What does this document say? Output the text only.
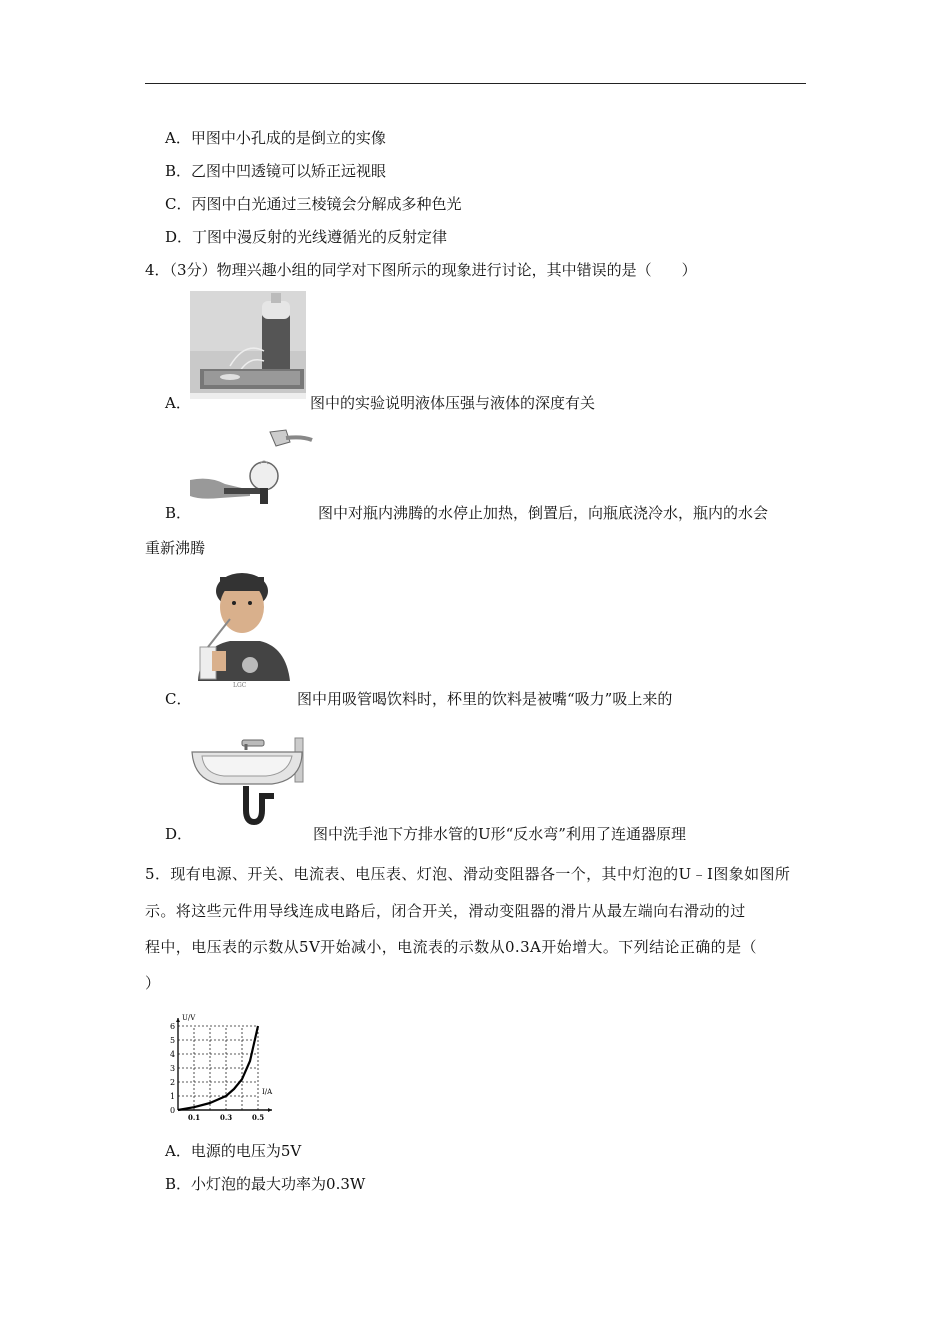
A．甲图中小孔成的是倒立的实像
B．乙图中凹透镜可以矫正远视眼
C．丙图中白光通过三棱镜会分解成多种色光
D．丁图中漫反射的光线遵循光的反射定律
4．（3分）物理兴趣小组的同学对下图所示的现象进行讨论，其中错误的是（　　）
A．	图中的实验说明液体压强与液体的深度有关
B．	图中对瓶内沸腾的水停止加热，倒置后，向瓶底浇冷水，瓶内的水会
重新沸腾
LGC
C．	图中用吸管喝饮料时，杯里的饮料是被嘴“吸力”吸上来的
D．	图中洗手池下方排水管的U形“反水弯”利用了连通器原理
5．现有电源、开关、电流表、电压表、灯泡、滑动变阻器各一个，其中灯泡的U﹣I图象如图所
示。将这些元件用导线连成电路后，闭合开关，滑动变阻器的滑片从最左端向右滑动的过
程中，电压表的示数从5V开始减小，电流表的示数从0.3A开始增大。下列结论正确的是（
）
U/V
I/A
1
2
3
4
5
6
0
0.1	0.3	0.5
A．电源的电压为5V
B．小灯泡的最大功率为0.3W
